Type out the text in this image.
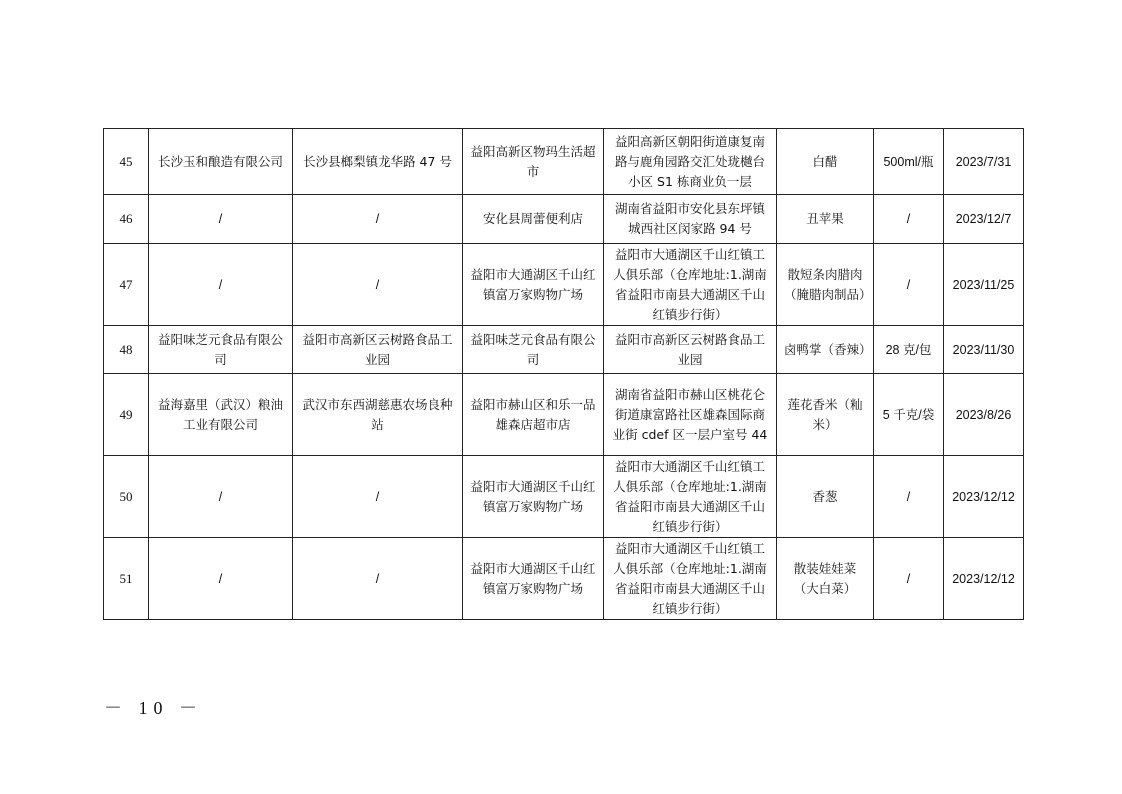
45	长沙玉和酿造有限公司	长沙县榔梨镇龙华路 47 号	益阳高新区物玛生活超市	益阳高新区朝阳街道康复南路与鹿角园路交汇处珑樾台小区 S1 栋商业负一层	白醋	500ml/瓶	2023/7/31
46	/	/	安化县周蕾便利店	湖南省益阳市安化县东坪镇城西社区闵家路 94 号	丑苹果	/	2023/12/7
47	/	/	益阳市大通湖区千山红镇富万家购物广场	益阳市大通湖区千山红镇工人俱乐部（仓库地址:1.湖南省益阳市南县大通湖区千山红镇步行街）	散短条肉腊肉（腌腊肉制品）	/	2023/11/25
48	益阳味芝元食品有限公司	益阳市高新区云树路食品工业园	益阳味芝元食品有限公司	益阳市高新区云树路食品工业园	卤鸭掌（香辣）	28 克/包	2023/11/30
49	益海嘉里（武汉）粮油工业有限公司	武汉市东西湖慈惠农场良种站	益阳市赫山区和乐一品雄森店超市店	湖南省益阳市赫山区桃花仑街道康富路社区雄森国际商业街 cdef 区一层户室号 44	莲花香米（籼米）	5 千克/袋	2023/8/26
50	/	/	益阳市大通湖区千山红镇富万家购物广场	益阳市大通湖区千山红镇工人俱乐部（仓库地址:1.湖南省益阳市南县大通湖区千山红镇步行街）	香葱	/	2023/12/12
51	/	/	益阳市大通湖区千山红镇富万家购物广场	益阳市大通湖区千山红镇工人俱乐部（仓库地址:1.湖南省益阳市南县大通湖区千山红镇步行街）	散装娃娃菜（大白菜）	/	2023/12/12
－ 10 －
